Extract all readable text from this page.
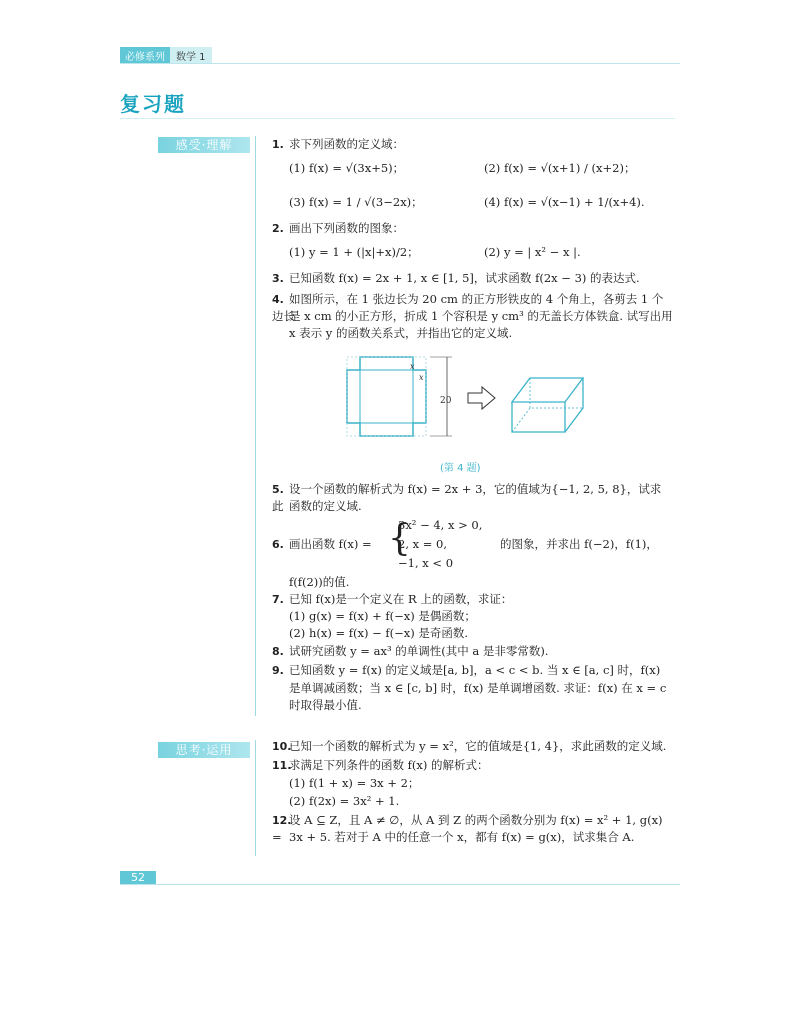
必修系列	数学 1
复习题
感受·理解	1. 求下列函数的定义域：
(1) f(x) = √(3x+5)；	(2) f(x) = √(x+1) / (x+2)；
(3) f(x) = 1 / √(3−2x)；	(4) f(x) = √(x−1) + 1/(x+4).
2. 画出下列函数的图象：
(1) y = 1 + (|x|+x)/2；	(2) y = | x² − x |.
3. 已知函数 f(x) = 2x + 1, x ∈ [1, 5]，试求函数 f(2x − 3) 的表达式.
4. 如图所示，在 1 张边长为 20 cm 的正方形铁皮的 4 个角上，各剪去 1 个边长
是 x cm 的小正方形，折成 1 个容积是 y cm³ 的无盖长方体铁盒. 试写出用
x 表示 y 的函数关系式，并指出它的定义域.
x
x
20
(第 4 题)
5. 设一个函数的解析式为 f(x) = 2x + 3，它的值域为{−1, 2, 5, 8}，试求此 函数的定义域.
6. 画出函数 f(x) = {
3x² − 4, x > 0,
2, x = 0,
−1, x < 0
的图象，并求出 f(−2)，f(1)，
f(f(2))的值.
7. 已知 f(x)是一个定义在 R 上的函数，求证：
(1) g(x) = f(x) + f(−x) 是偶函数；
(2) h(x) = f(x) − f(−x) 是奇函数.
8. 试研究函数 y = ax³ 的单调性(其中 a 是非零常数).
9. 已知函数 y = f(x) 的定义域是[a, b]，a < c < b. 当 x ∈ [a, c] 时，f(x)
是单调减函数；当 x ∈ [c, b] 时，f(x) 是单调增函数. 求证：f(x) 在 x = c
时取得最小值.
思考·运用	10.已知一个函数的解析式为 y = x²，它的值域是{1, 4}，求此函数的定义域.
11.求满足下列条件的函数 f(x) 的解析式：
(1) f(1 + x) = 3x + 2；
(2) f(2x) = 3x² + 1.
12.设 A ⊆ Z，且 A ≠ ∅，从 A 到 Z 的两个函数分别为 f(x) = x² + 1, g(x) = 3x + 5. 若对于 A 中的任意一个 x，都有 f(x) = g(x)，试求集合 A.
52
